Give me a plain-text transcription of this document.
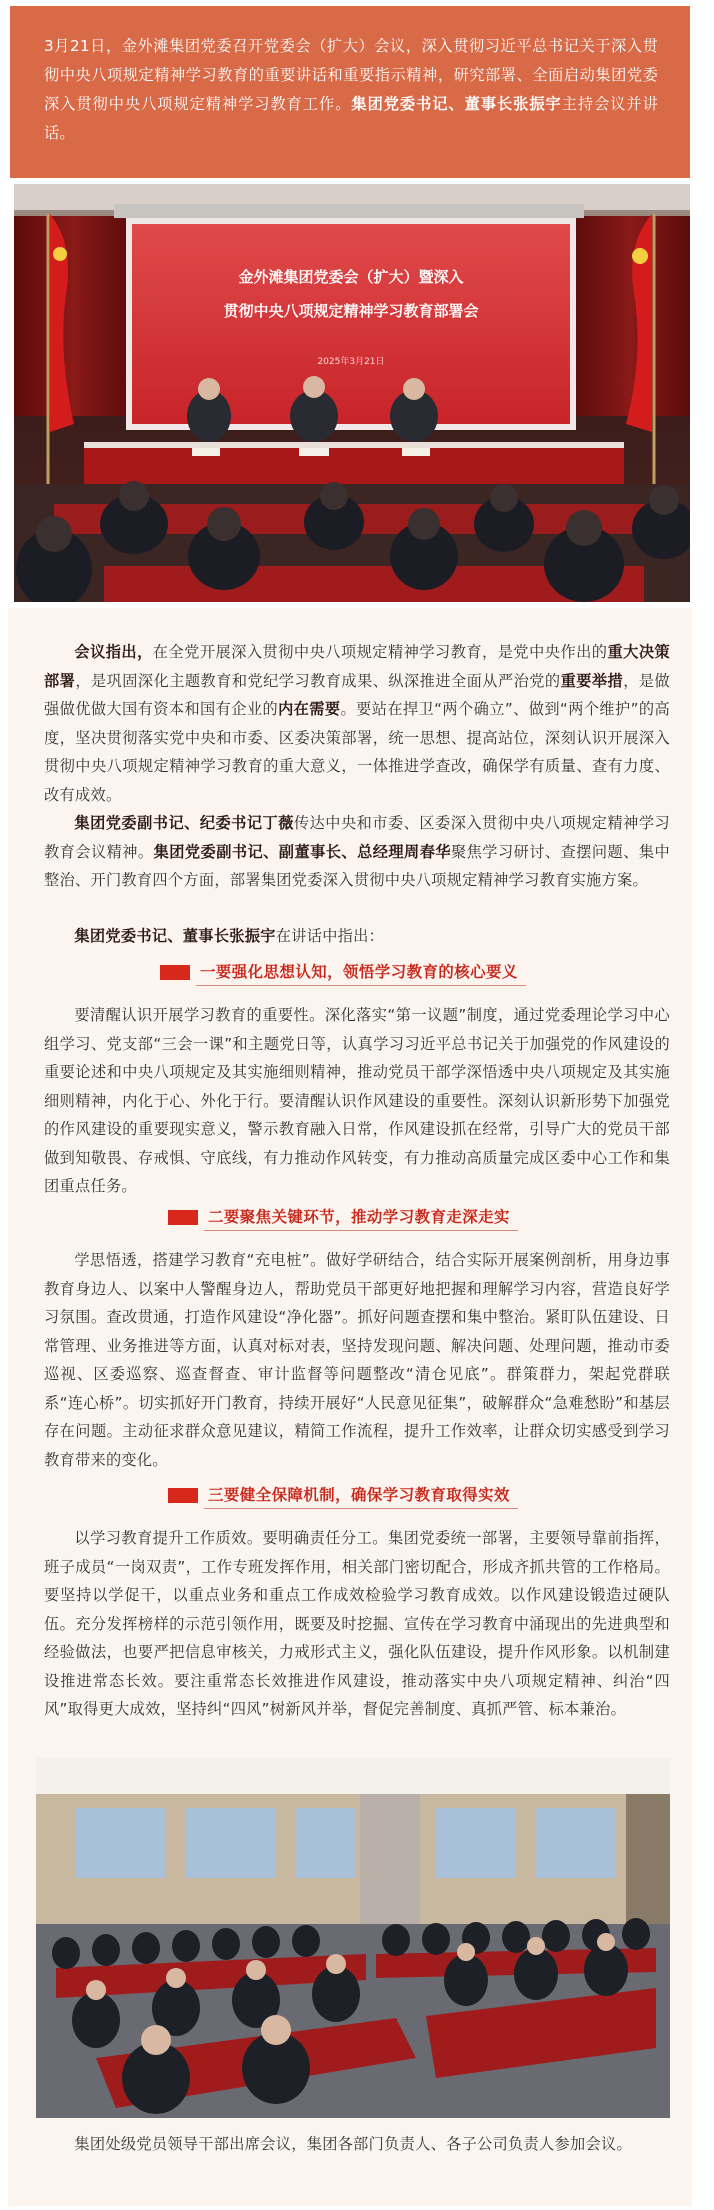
3月21日，金外滩集团党委召开党委会（扩大）会议，深入贯彻习近平总书记关于深入贯彻中央八项规定精神学习教育的重要讲话和重要指示精神，研究部署、全面启动集团党委深入贯彻中央八项规定精神学习教育工作。集团党委书记、董事长张振宇主持会议并讲话。
金外滩集团党委会（扩大）暨深入
贯彻中央八项规定精神学习教育部署会
2025年3月21日

会议指出，在全党开展深入贯彻中央八项规定精神学习教育，是党中央作出的重大决策部署，是巩固深化主题教育和党纪学习教育成果、纵深推进全面从严治党的重要举措，是做强做优做大国有资本和国有企业的内在需要。要站在捍卫“两个确立”、做到“两个维护”的高度，坚决贯彻落实党中央和市委、区委决策部署，统一思想、提高站位，深刻认识开展深入贯彻中央八项规定精神学习教育的重大意义，一体推进学查改，确保学有质量、查有力度、改有成效。

集团党委副书记、纪委书记丁薇传达中央和市委、区委深入贯彻中央八项规定精神学习教育会议精神。集团党委副书记、副董事长、总经理周春华聚焦学习研讨、查摆问题、集中整治、开门教育四个方面，部署集团党委深入贯彻中央八项规定精神学习教育实施方案。

集团党委书记、董事长张振宇在讲话中指出：

一要强化思想认知，领悟学习教育的核心要义

要清醒认识开展学习教育的重要性。深化落实“第一议题”制度，通过党委理论学习中心组学习、党支部“三会一课”和主题党日等，认真学习习近平总书记关于加强党的作风建设的重要论述和中央八项规定及其实施细则精神，推动党员干部学深悟透中央八项规定及其实施细则精神，内化于心、外化于行。要清醒认识作风建设的重要性。深刻认识新形势下加强党的作风建设的重要现实意义，警示教育融入日常，作风建设抓在经常，引导广大的党员干部做到知敬畏、存戒惧、守底线，有力推动作风转变，有力推动高质量完成区委中心工作和集团重点任务。

二要聚焦关键环节，推动学习教育走深走实

学思悟透，搭建学习教育“充电桩”。做好学研结合，结合实际开展案例剖析，用身边事教育身边人、以案中人警醒身边人，帮助党员干部更好地把握和理解学习内容，营造良好学习氛围。查改贯通，打造作风建设“净化器”。抓好问题查摆和集中整治。紧盯队伍建设、日常管理、业务推进等方面，认真对标对表，坚持发现问题、解决问题、处理问题，推动市委巡视、区委巡察、巡查督查、审计监督等问题整改“清仓见底”。群策群力，架起党群联系“连心桥”。切实抓好开门教育，持续开展好“人民意见征集”，破解群众“急难愁盼”和基层存在问题。主动征求群众意见建议，精简工作流程，提升工作效率，让群众切实感受到学习教育带来的变化。

三要健全保障机制，确保学习教育取得实效

以学习教育提升工作质效。要明确责任分工。集团党委统一部署，主要领导靠前指挥，班子成员“一岗双责”，工作专班发挥作用，相关部门密切配合，形成齐抓共管的工作格局。要坚持以学促干，以重点业务和重点工作成效检验学习教育成效。以作风建设锻造过硬队伍。充分发挥榜样的示范引领作用，既要及时挖掘、宣传在学习教育中涌现出的先进典型和经验做法，也要严把信息审核关，力戒形式主义，强化队伍建设，提升作风形象。以机制建设推进常态长效。要注重常态长效推进作风建设，推动落实中央八项规定精神、纠治“四风”取得更大成效，坚持纠“四风”树新风并举，督促完善制度、真抓严管、标本兼治。

集团处级党员领导干部出席会议，集团各部门负责人、各子公司负责人参加会议。
